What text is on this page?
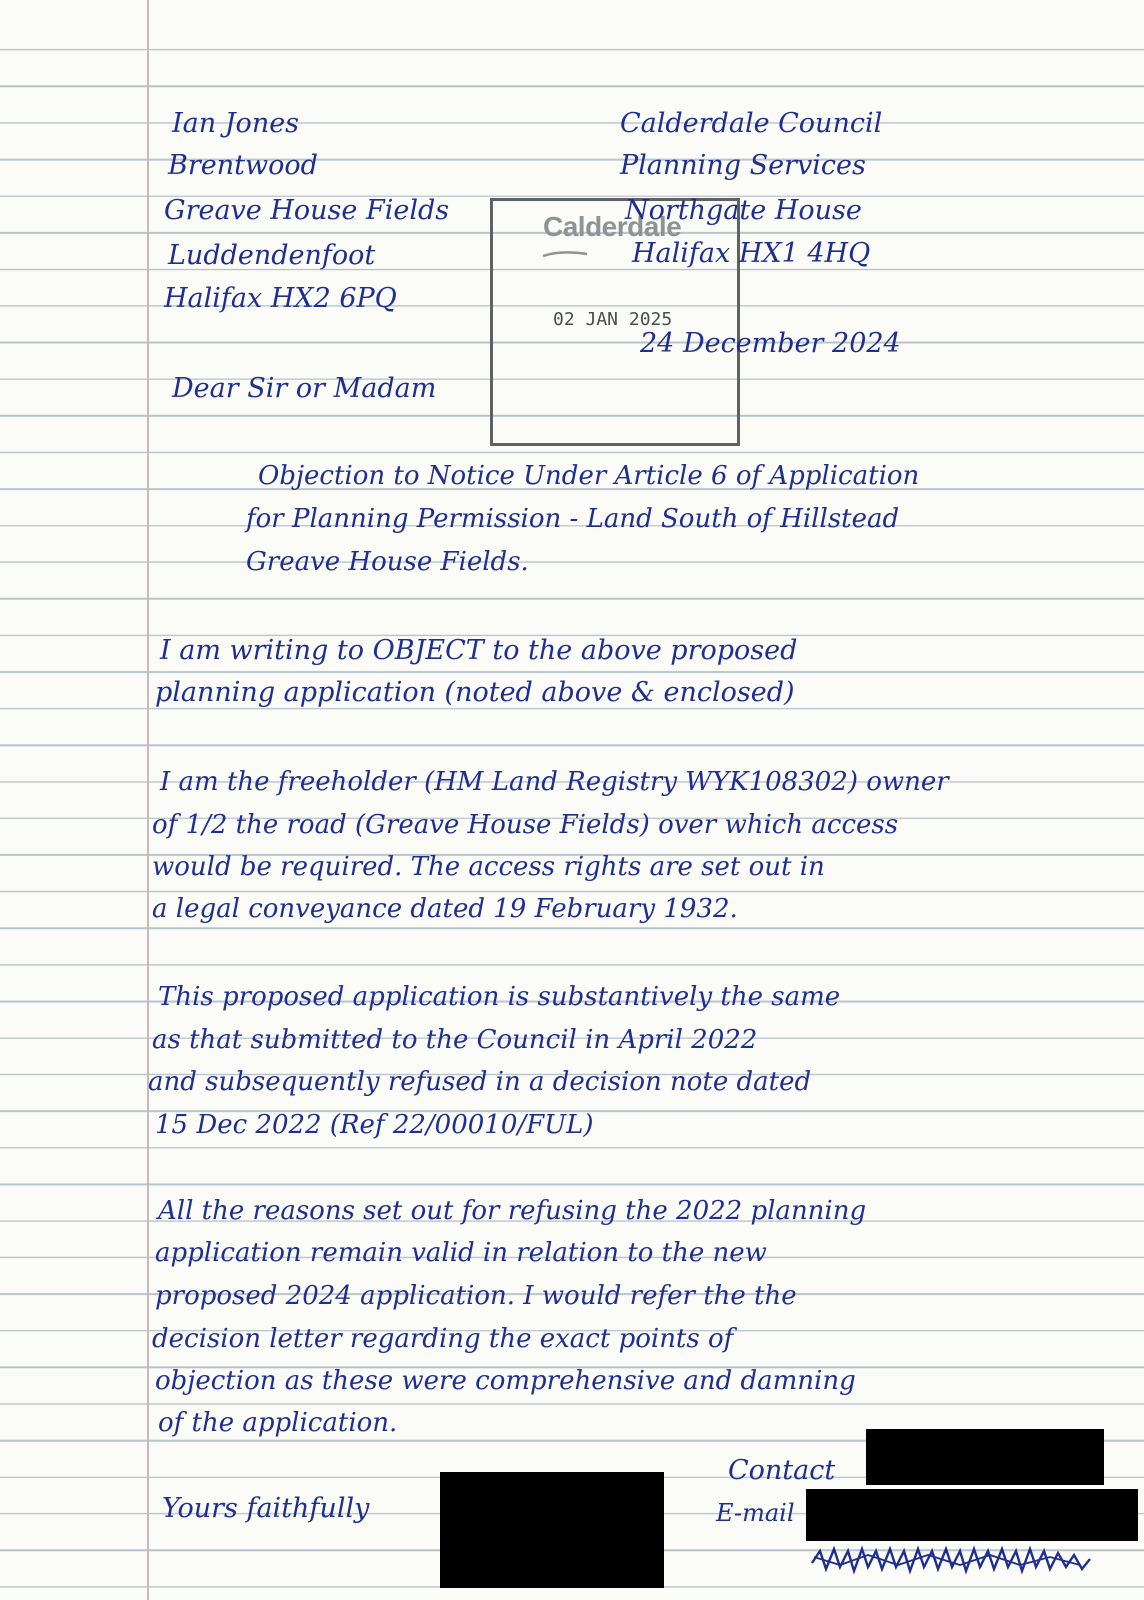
Ian Jones
Brentwood
Greave House Fields
Luddendenfoot
Halifax HX2 6PQ
Calderdale
02 JAN 2025
Calderdale Council
Planning Services
Northgate House
Halifax HX1 4HQ
24 December 2024
Dear Sir or Madam
Objection to Notice Under Article 6 of Application
for Planning Permission - Land South of Hillstead
Greave House Fields.
I am writing to OBJECT to the above proposed
planning application (noted above & enclosed)
I am the freeholder (HM Land Registry WYK108302) owner
of 1/2 the road (Greave House Fields) over which access
would be required. The access rights are set out in
a legal conveyance dated 19 February 1932.
This proposed application is substantively the same
as that submitted to the Council in April 2022
and subsequently refused in a decision note dated
15 Dec 2022 (Ref 22/00010/FUL)
All the reasons set out for refusing the 2022 planning
application remain valid in relation to the new
proposed 2024 application. I would refer the the
decision letter regarding the exact points of
objection as these were comprehensive and damning
of the application.
Yours faithfully
Contact
E-mail
